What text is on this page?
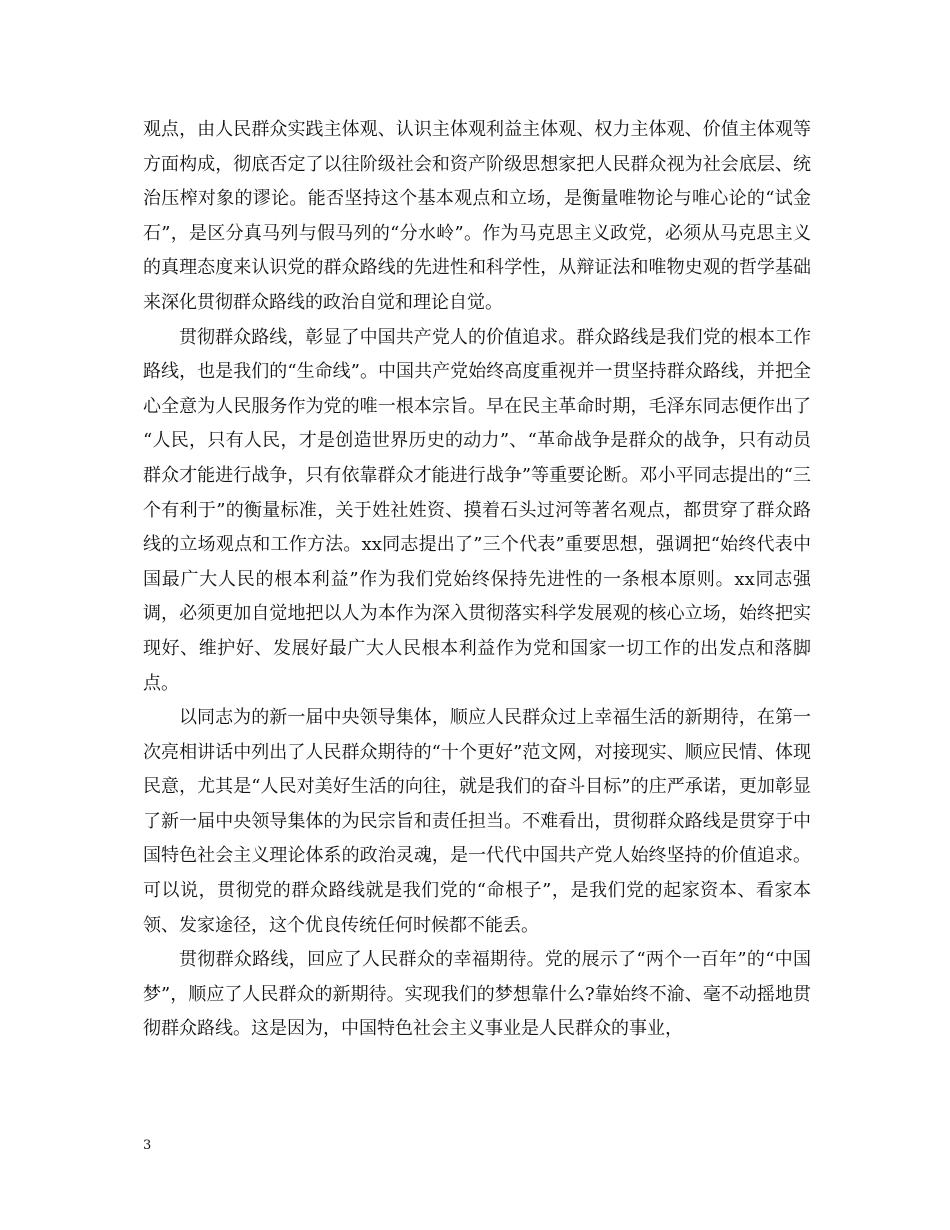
观点，由人民群众实践主体观、认识主体观利益主体观、权力主体观、价值主体观等方面构成，彻底否定了以往阶级社会和资产阶级思想家把人民群众视为社会底层、统治压榨对象的谬论。能否坚持这个基本观点和立场，是衡量唯物论与唯心论的“试金石”，是区分真马列与假马列的“分水岭”。作为马克思主义政党，必须从马克思主义的真理态度来认识党的群众路线的先进性和科学性，从辩证法和唯物史观的哲学基础来深化贯彻群众路线的政治自觉和理论自觉。

贯彻群众路线，彰显了中国共产党人的价值追求。群众路线是我们党的根本工作路线，也是我们的“生命线”。中国共产党始终高度重视并一贯坚持群众路线，并把全心全意为人民服务作为党的唯一根本宗旨。早在民主革命时期，毛泽东同志便作出了 “人民，只有人民，才是创造世界历史的动力”、“革命战争是群众的战争，只有动员群众才能进行战争，只有依靠群众才能进行战争”等重要论断。邓小平同志提出的“三个有利于”的衡量标准，关于姓社姓资、摸着石头过河等著名观点，都贯穿了群众路线的立场观点和工作方法。xx同志提出了”三个代表”重要思想，强调把“始终代表中国最广大人民的根本利益”作为我们党始终保持先进性的一条根本原则。xx同志强调，必须更加自觉地把以人为本作为深入贯彻落实科学发展观的核心立场，始终把实现好、维护好、发展好最广大人民根本利益作为党和国家一切工作的出发点和落脚点。

以同志为的新一届中央领导集体，顺应人民群众过上幸福生活的新期待，在第一次亮相讲话中列出了人民群众期待的“十个更好”范文网，对接现实、顺应民情、体现民意，尤其是“人民对美好生活的向往，就是我们的奋斗目标”的庄严承诺，更加彰显了新一届中央领导集体的为民宗旨和责任担当。不难看出，贯彻群众路线是贯穿于中国特色社会主义理论体系的政治灵魂，是一代代中国共产党人始终坚持的价值追求。可以说，贯彻党的群众路线就是我们党的“命根子”，是我们党的起家资本、看家本领、发家途径，这个优良传统任何时候都不能丢。

贯彻群众路线，回应了人民群众的幸福期待。党的展示了“两个一百年”的“中国梦”，顺应了人民群众的新期待。实现我们的梦想靠什么?靠始终不渝、毫不动摇地贯彻群众路线。这是因为，中国特色社会主义事业是人民群众的事业，

3
